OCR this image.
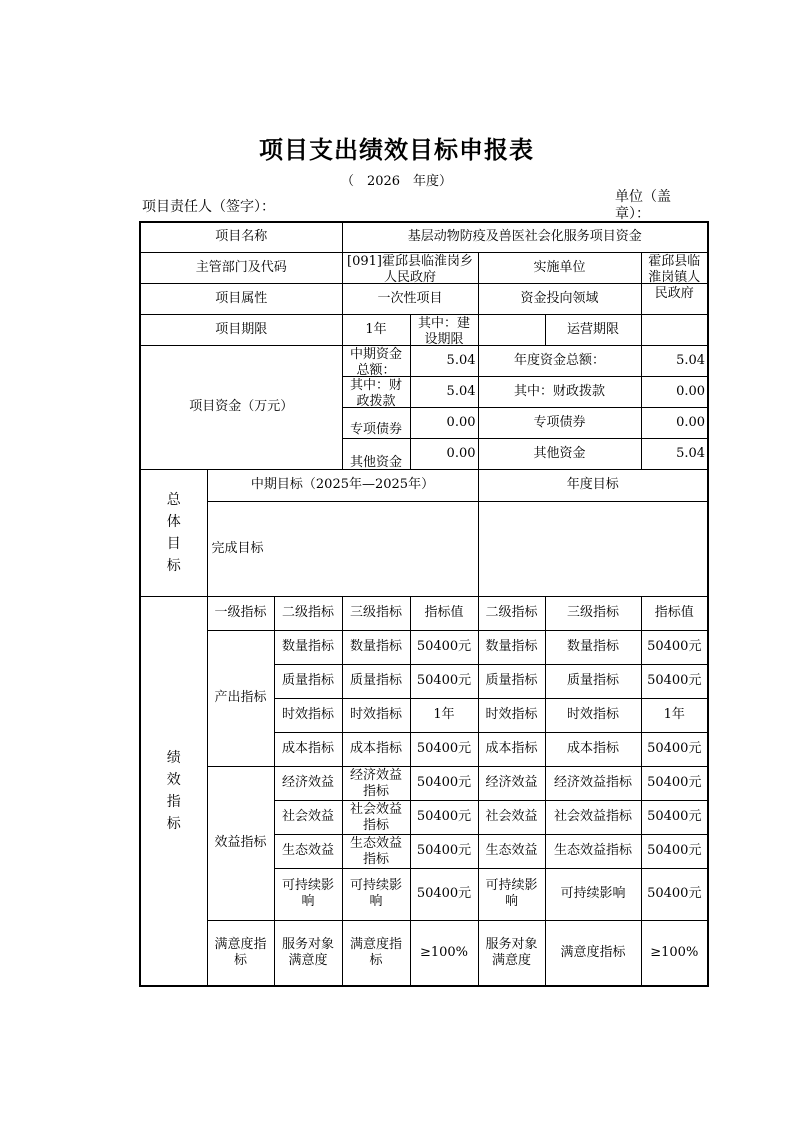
项目支出绩效目标申报表
（　2026　年度）
项目责任人（签字）：
单位（盖章）：
项目名称			基层动物防疫及兽医社会化服务项目资金				
主管部门及代码			[091]霍邱县临淮岗乡人民政府		实施单位		霍邱县临淮岗镇人民政府

项目属性			一次性项目		资金投向领域		
项目期限			1年	其中：建设期限		运营期限	
项目资金（万元）			中期资金总额：	5.04	年度资金总额：		5.04

			其中：财政拨款	5.04	其中：财政拨款		0.00

			专项债券	0.00	专项债券		0.00

			其他资金	0.00	其他资金		5.04

总体目标	中期目标（2025年—2025年）				年度目标		
	完成目标						

绩效指标	一级指标	二级指标	三级指标	指标值	二级指标	三级指标	指标值
	产出指标	数量指标	数量指标	50400元	数量指标	数量指标	50400元
		质量指标	质量指标	50400元	质量指标	质量指标	50400元
		时效指标	时效指标	1年	时效指标	时效指标	1年
		成本指标	成本指标	50400元	成本指标	成本指标	50400元
	效益指标	经济效益	经济效益指标	50400元	经济效益	经济效益指标	50400元
		社会效益	社会效益指标	50400元	社会效益	社会效益指标	50400元
		生态效益	生态效益指标	50400元	生态效益	生态效益指标	50400元
		可持续影响	可持续影响	50400元	可持续影响	可持续影响	50400元
	满意度指标	服务对象满意度	满意度指标	≥100%	服务对象满意度	满意度指标	≥100%
